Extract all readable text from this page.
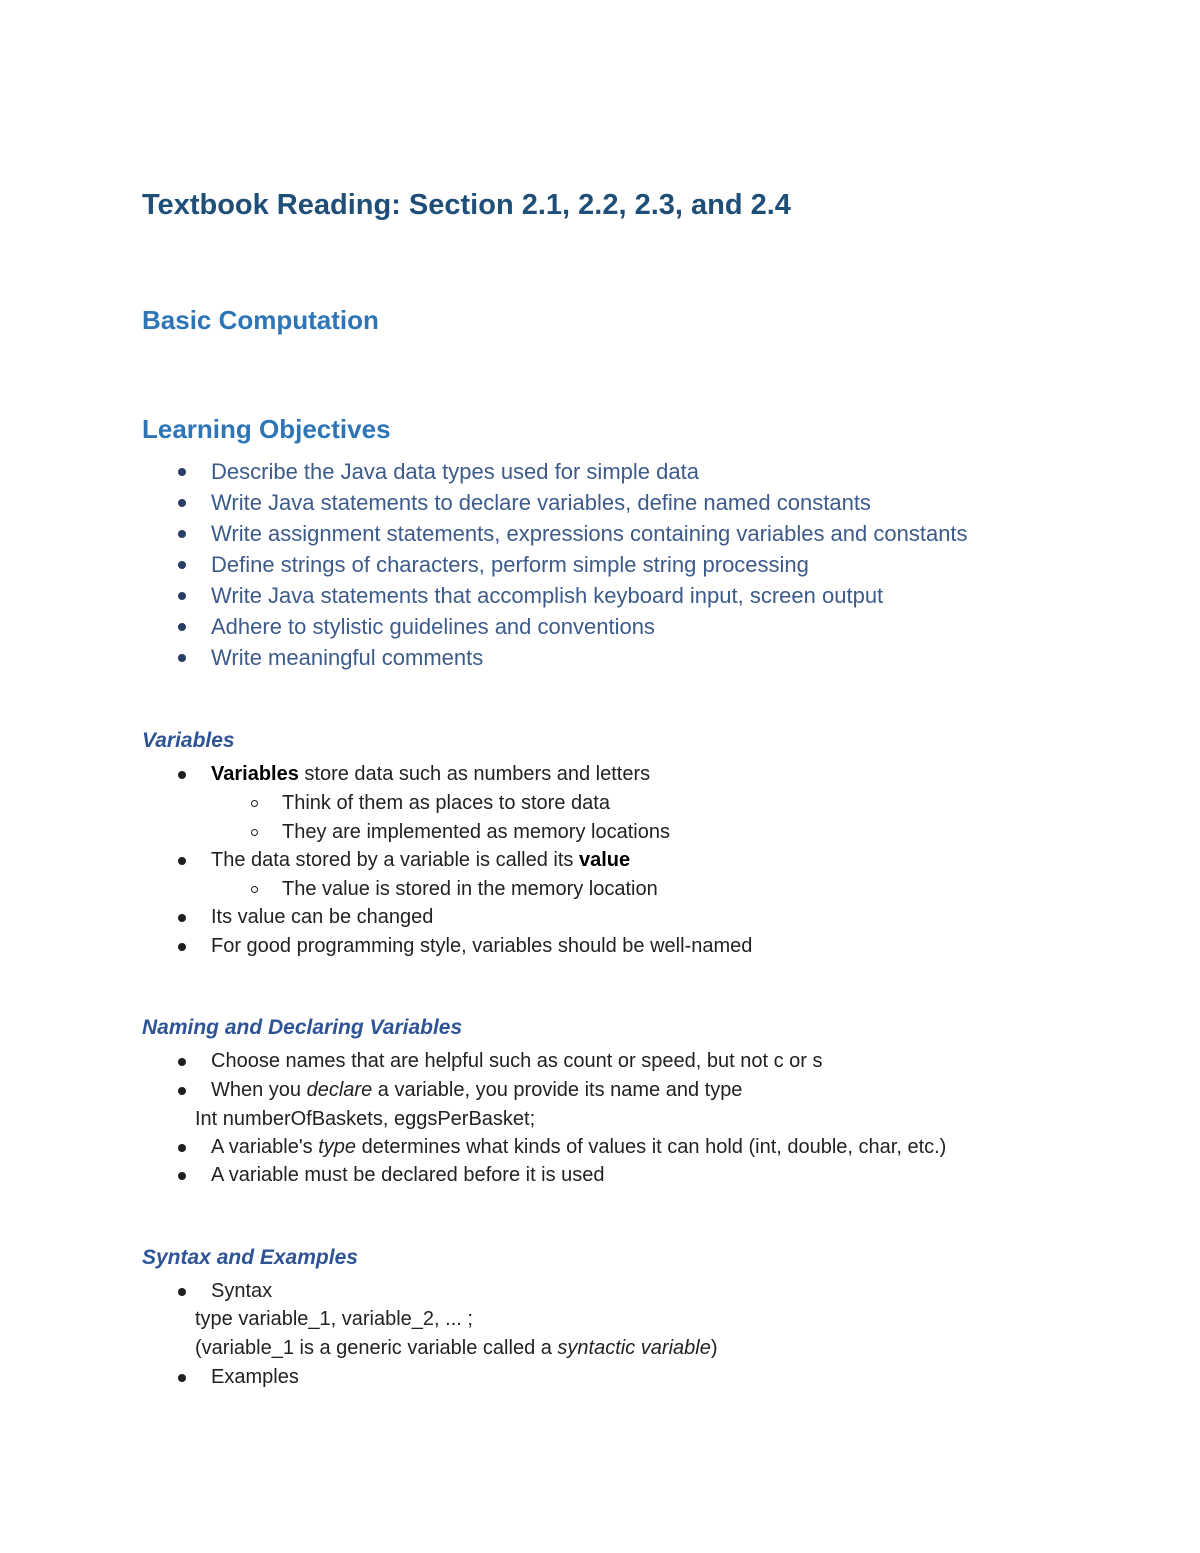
Textbook Reading: Section 2.1, 2.2, 2.3, and 2.4
Basic Computation
Learning Objectives
Describe the Java data types used for simple data
Write Java statements to declare variables, define named constants
Write assignment statements, expressions containing variables and constants
Define strings of characters, perform simple string processing
Write Java statements that accomplish keyboard input, screen output
Adhere to stylistic guidelines and conventions
Write meaningful comments
Variables
Variables store data such as numbers and letters
Think of them as places to store data
They are implemented as memory locations
The data stored by a variable is called its value
The value is stored in the memory location
Its value can be changed
For good programming style, variables should be well-named
Naming and Declaring Variables
Choose names that are helpful such as count or speed, but not c or s
When you declare a variable, you provide its name and type
Int numberOfBaskets, eggsPerBasket;
A variable's type determines what kinds of values it can hold (int, double, char, etc.)
A variable must be declared before it is used
Syntax and Examples
Syntax
type variable_1, variable_2, ... ;
(variable_1 is a generic variable called a syntactic variable)
Examples
